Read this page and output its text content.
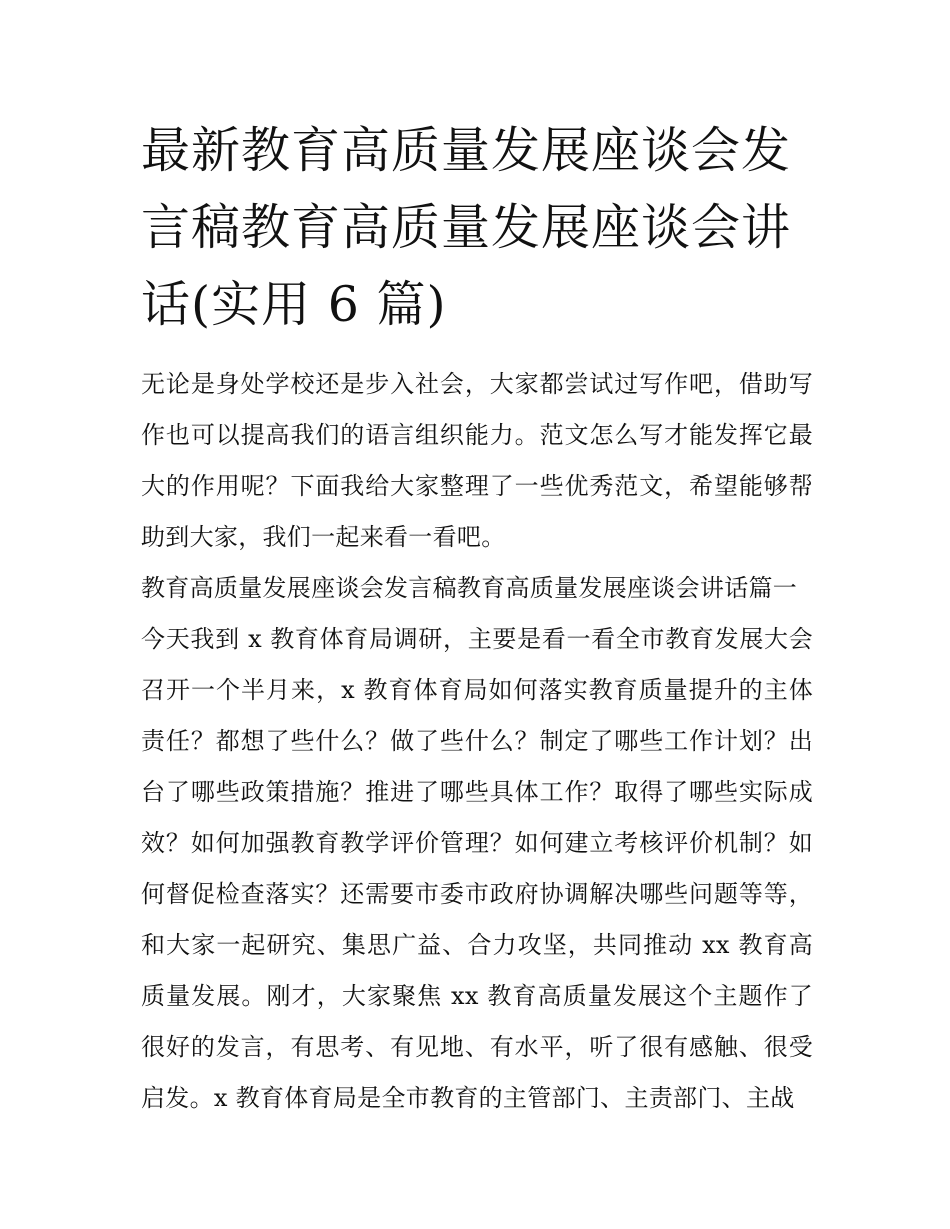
最新教育高质量发展座谈会发言稿教育高质量发展座谈会讲话(实用 6 篇)

无论是身处学校还是步入社会，大家都尝试过写作吧，借助写作也可以提高我们的语言组织能力。范文怎么写才能发挥它最大的作用呢？下面我给大家整理了一些优秀范文，希望能够帮助到大家，我们一起来看一看吧。

教育高质量发展座谈会发言稿教育高质量发展座谈会讲话篇一

今天我到 x 教育体育局调研，主要是看一看全市教育发展大会召开一个半月来，x 教育体育局如何落实教育质量提升的主体责任？都想了些什么？做了些什么？制定了哪些工作计划？出台了哪些政策措施？推进了哪些具体工作？取得了哪些实际成效？如何加强教育教学评价管理？如何建立考核评价机制？如何督促检查落实？还需要市委市政府协调解决哪些问题等等，和大家一起研究、集思广益、合力攻坚，共同推动 xx 教育高质量发展。刚才，大家聚焦 xx 教育高质量发展这个主题作了很好的发言，有思考、有见地、有水平，听了很有感触、很受启发。x 教育体育局是全市教育的主管部门、主责部门、主战
